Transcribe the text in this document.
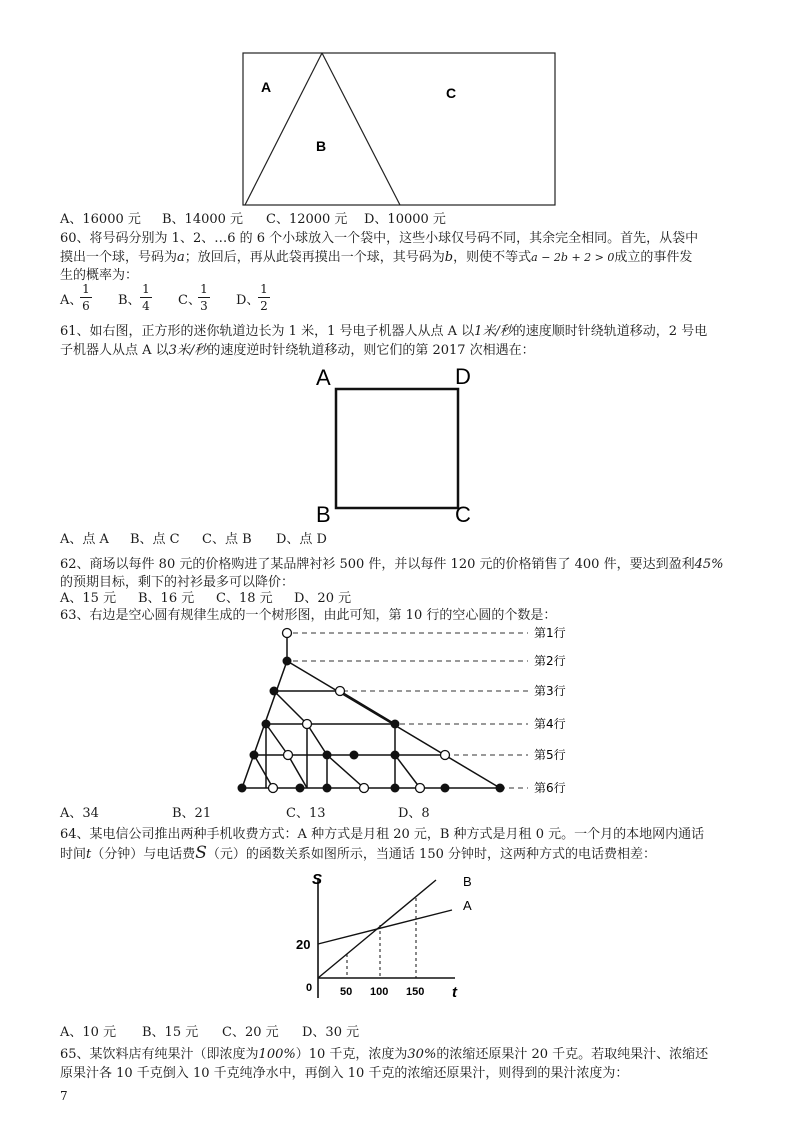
A
B
C
A、16000 元 B、14000 元 C、12000 元 D、10000 元
60、将号码分别为 1、2、…6 的 6 个小球放入一个袋中，这些小球仅号码不同，其余完全相同。首先，从袋中
摸出一个球，号码为a；放回后，再从此袋再摸出一个球，其号码为b，则使不等式a − 2b + 2 > 0成立的事件发
生的概率为：
A、
1
6 B、
1
4 C、
1
3 D、
1
2
61、如右图，正方形的迷你轨道边长为 1 米，1 号电子机器人从点 A 以1米/秒的速度顺时针绕轨道移动，2 号电
子机器人从点 A 以3米/秒的速度逆时针绕轨道移动，则它们的第 2017 次相遇在：
A	D
B	C
A、点 A B、点 C C、点 B D、点 D
62、商场以每件 80 元的价格购进了某品牌衬衫 500 件，并以每件 120 元的价格销售了 400 件，要达到盈利45%
的预期目标，剩下的衬衫最多可以降价：
A、15 元 B、16 元 C、18 元 D、20 元
63、右边是空心圆有规律生成的一个树形图，由此可知，第 10 行的空心圆的个数是：
第1行
第2行
第3行
第4行
第5行
第6行
A、34	B、21	C、13	D、8
64、某电信公司推出两种手机收费方式：A 种方式是月租 20 元，B 种方式是月租 0 元。一个月的本地网内通话
时间t（分钟）与电话费S（元）的函数关系如图所示，当通话 150 分钟时，这两种方式的电话费相差：
S
t
0
20
50 100 150
B
A
A、10 元 B、15 元 C、20 元 D、30 元
65、某饮料店有纯果汁（即浓度为100%）10 千克，浓度为30%的浓缩还原果汁 20 千克。若取纯果汁、浓缩还
原果汁各 10 千克倒入 10 千克纯净水中，再倒入 10 千克的浓缩还原果汁，则得到的果汁浓度为：
7
